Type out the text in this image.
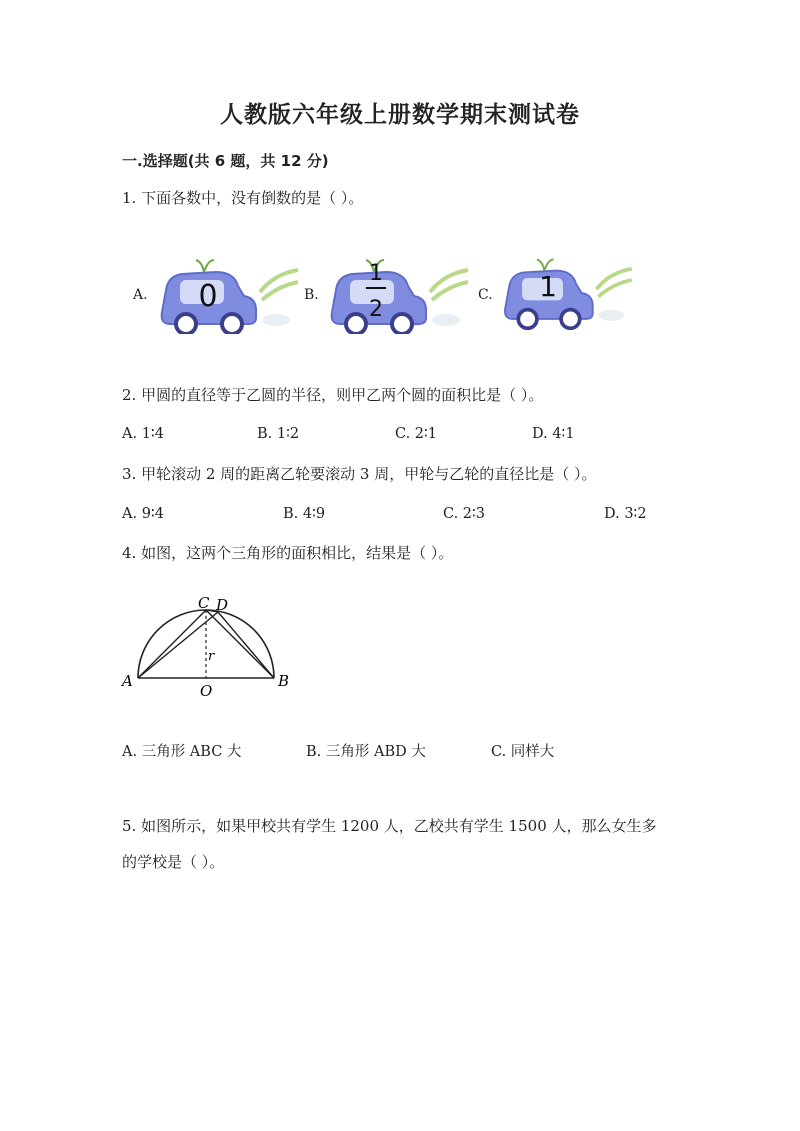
人教版六年级上册数学期末测试卷
一.选择题(共 6 题，共 12 分)
1. 下面各数中，没有倒数的是（ ）。
A. 0	B.
1
2
C. 1
2. 甲圆的直径等于乙圆的半径，则甲乙两个圆的面积比是（ ）。
A. 1∶4	B. 1∶2	C. 2∶1	D. 4∶1
3. 甲轮滚动 2 周的距离乙轮要滚动 3 周，甲轮与乙轮的直径比是（ ）。
A. 9∶4	B. 4∶9	C. 2∶3	D. 3∶2
4. 如图，这两个三角形的面积相比，结果是（ ）。
A	B
C D
O
r
A. 三角形 ABC 大	B. 三角形 ABD 大	C. 同样大
5. 如图所示，如果甲校共有学生 1200 人，乙校共有学生 1500 人，那么女生多
的学校是（ ）。
